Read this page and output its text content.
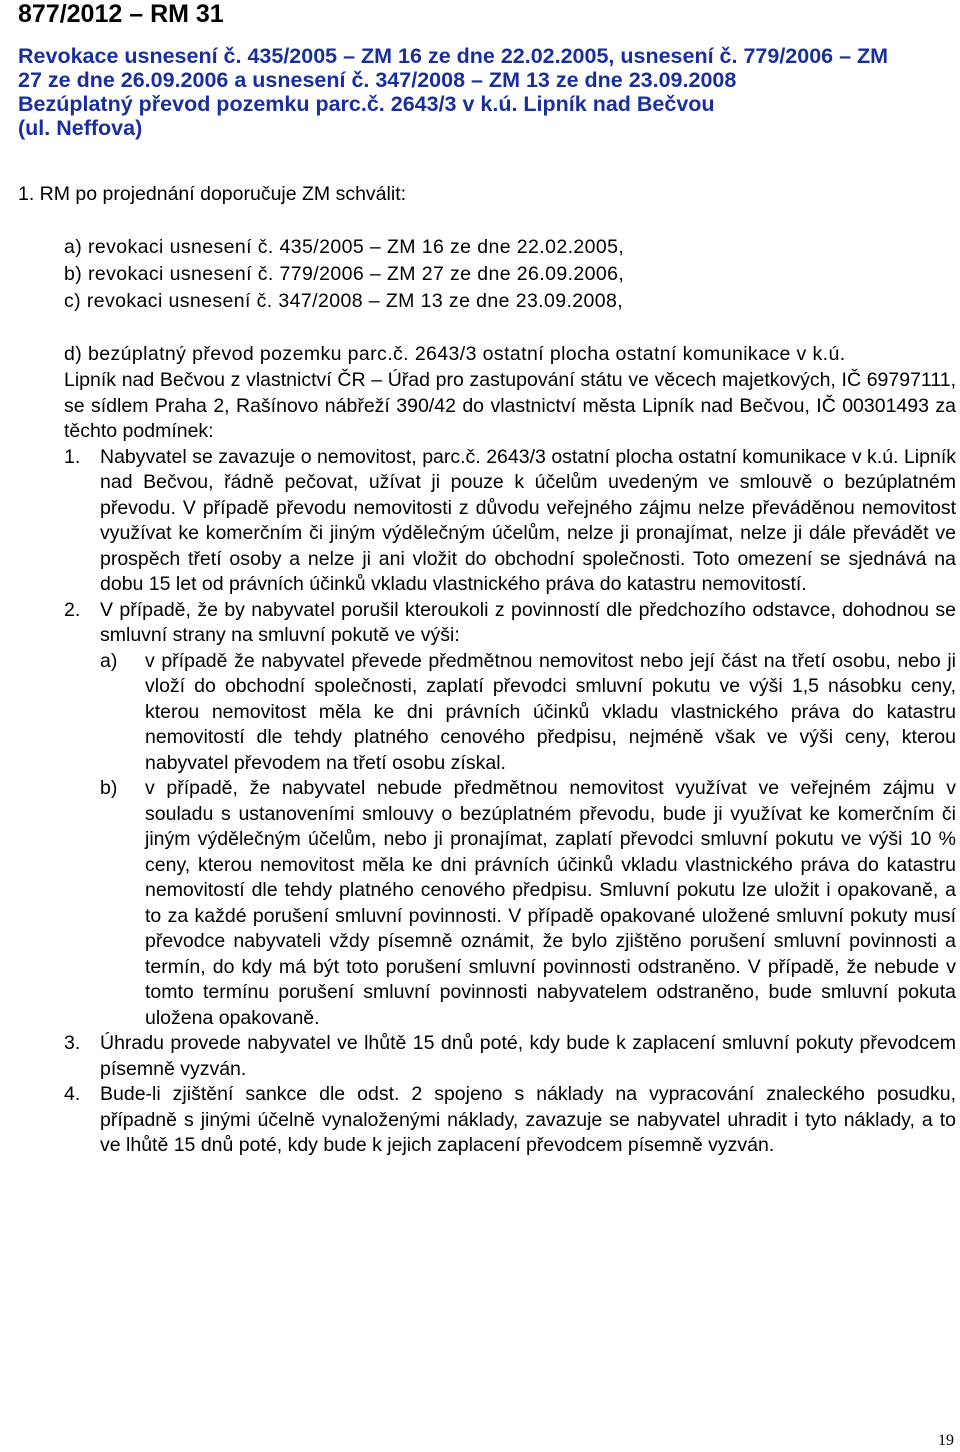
877/2012 – RM 31
Revokace usnesení č. 435/2005 – ZM 16 ze dne 22.02.2005, usnesení č. 779/2006 – ZM
27 ze dne 26.09.2006 a usnesení č. 347/2008 – ZM 13 ze dne 23.09.2008
Bezúplatný převod pozemku parc.č. 2643/3 v k.ú. Lipník nad Bečvou
(ul. Neffova)
1. RM po projednání doporučuje ZM schválit:
a) revokaci usnesení č. 435/2005 – ZM 16 ze dne 22.02.2005,
b) revokaci usnesení č. 779/2006 – ZM 27 ze dne 26.09.2006,
c) revokaci usnesení č. 347/2008 – ZM 13 ze dne 23.09.2008,
d) bezúplatný převod pozemku parc.č. 2643/3 ostatní plocha ostatní komunikace v k.ú.
Lipník nad Bečvou z vlastnictví ČR – Úřad pro zastupování státu ve věcech majetkových, IČ 69797111, se sídlem Praha 2, Rašínovo nábřeží 390/42 do vlastnictví města Lipník nad Bečvou, IČ 00301493 za těchto podmínek:
1.	Nabyvatel se zavazuje o nemovitost, parc.č. 2643/3 ostatní plocha ostatní komunikace v k.ú. Lipník nad Bečvou, řádně pečovat, užívat ji pouze k účelům uvedeným ve smlouvě o bezúplatném převodu. V případě převodu nemovitosti z důvodu veřejného zájmu nelze převáděnou nemovitost využívat ke komerčním či jiným výdělečným účelům, nelze ji pronajímat, nelze ji dále převádět ve prospěch třetí osoby a nelze ji ani vložit do obchodní společnosti. Toto omezení se sjednává na dobu 15 let od právních účinků vkladu vlastnického práva do katastru nemovitostí.
2.	V případě, že by nabyvatel porušil kteroukoli z povinností dle předchozího odstavce, dohodnou se smluvní strany na smluvní pokutě ve výši:
a)	v případě že nabyvatel převede předmětnou nemovitost nebo její část na třetí osobu, nebo ji vloží do obchodní společnosti, zaplatí převodci smluvní pokutu ve výši 1,5 násobku ceny, kterou nemovitost měla ke dni právních účinků vkladu vlastnického práva do katastru nemovitostí dle tehdy platného cenového předpisu, nejméně však ve výši ceny, kterou nabyvatel převodem na třetí osobu získal.
b)	v případě, že nabyvatel nebude předmětnou nemovitost využívat ve veřejném zájmu v souladu s ustanoveními smlouvy o bezúplatném převodu, bude ji využívat ke komerčním či jiným výdělečným účelům, nebo ji pronajímat, zaplatí převodci smluvní pokutu ve výši 10 % ceny, kterou nemovitost měla ke dni právních účinků vkladu vlastnického práva do katastru nemovitostí dle tehdy platného cenového předpisu. Smluvní pokutu lze uložit i opakovaně, a to za každé porušení smluvní povinnosti. V případě opakované uložené smluvní pokuty musí převodce nabyvateli vždy písemně oznámit, že bylo zjištěno porušení smluvní povinnosti a termín, do kdy má být toto porušení smluvní povinnosti odstraněno. V případě, že nebude v tomto termínu porušení smluvní povinnosti nabyvatelem odstraněno, bude smluvní pokuta uložena opakovaně.
3.	Úhradu provede nabyvatel ve lhůtě 15 dnů poté, kdy bude k zaplacení smluvní pokuty převodcem písemně vyzván.
4.	Bude-li zjištění sankce dle odst. 2 spojeno s náklady na vypracování znaleckého posudku, případně s jinými účelně vynaloženými náklady, zavazuje se nabyvatel uhradit i tyto náklady, a to ve lhůtě 15 dnů poté, kdy bude k jejich zaplacení převodcem písemně vyzván.
19
